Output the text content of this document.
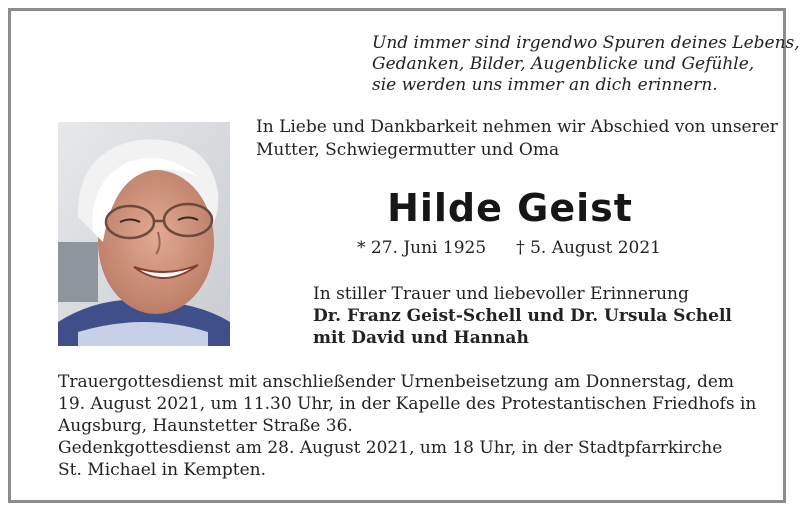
Und immer sind irgendwo Spuren deines Lebens,
Gedanken, Bilder, Augenblicke und Gefühle,
sie werden uns immer an dich erinnern.
In Liebe und Dankbarkeit nehmen wir Abschied von unserer
Mutter, Schwiegermutter und Oma
Hilde Geist
* 27. Juni 1925 † 5. August 2021
In stiller Trauer und liebevoller Erinnerung
Dr. Franz Geist-Schell und Dr. Ursula Schell
mit David und Hannah
Trauergottesdienst mit anschließender Urnenbeisetzung am Donnerstag, dem
19. August 2021, um 11.30 Uhr, in der Kapelle des Protestantischen Friedhofs in
Augsburg, Haunstetter Straße 36.
Gedenkgottesdienst am 28. August 2021, um 18 Uhr, in der Stadtpfarrkirche
St. Michael in Kempten.
